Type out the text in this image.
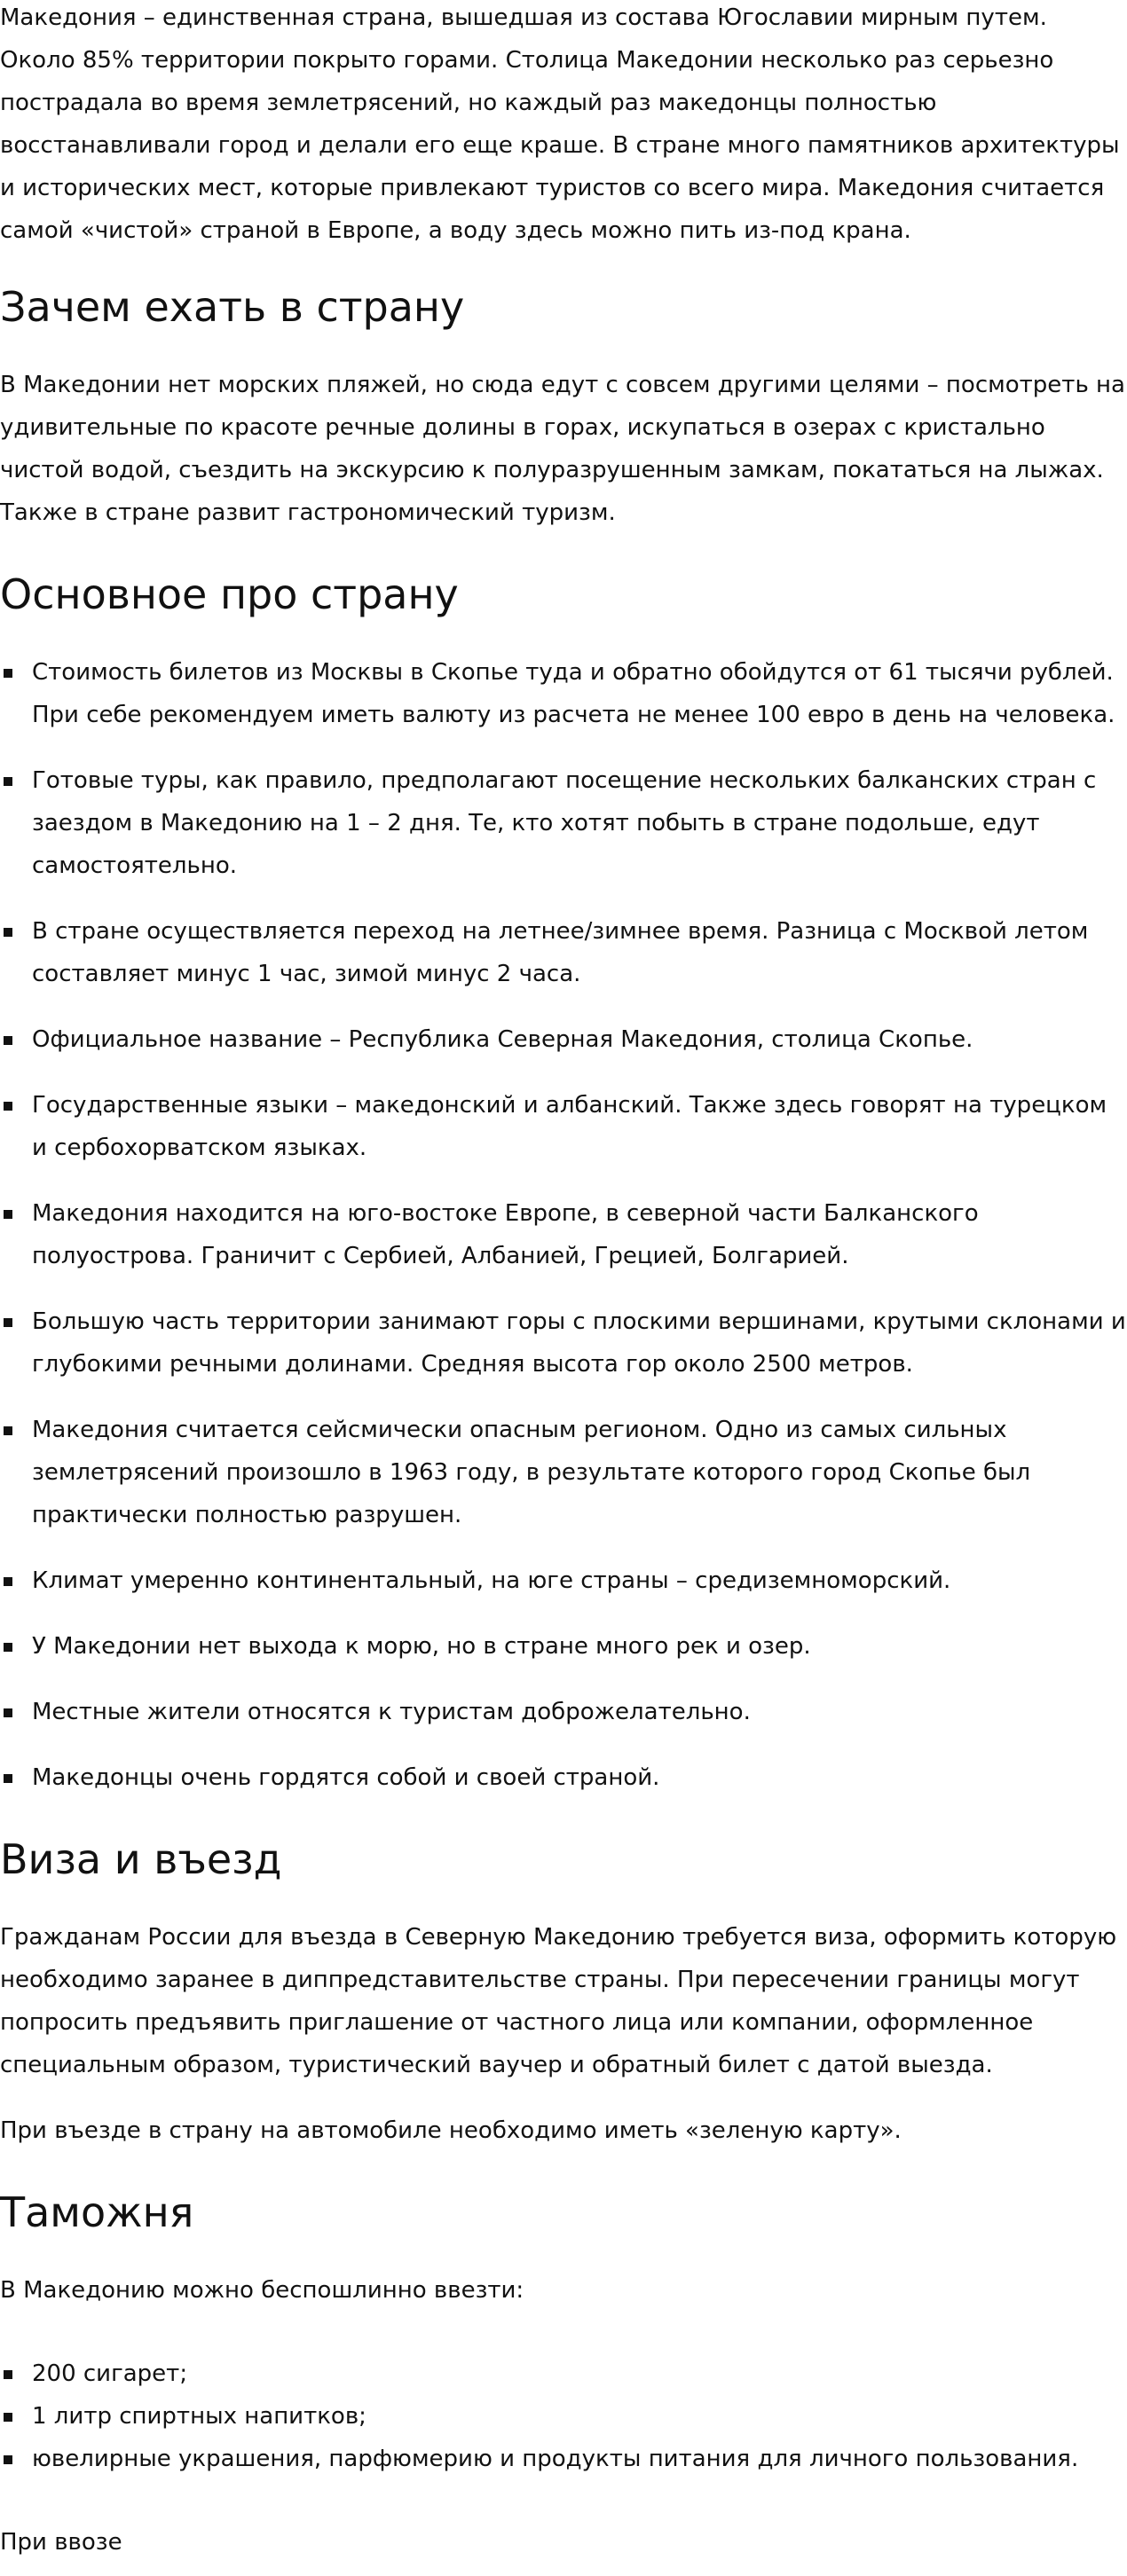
Македония – единственная страна, вышедшая из состава Югославии мирным путем. Около 85% территории покрыто горами. Столица Македонии несколько раз серьезно пострадала во время землетрясений, но каждый раз македонцы полностью восстанавливали город и делали его еще краше. В стране много памятников архитектуры и исторических мест, которые привлекают туристов со всего мира. Македония считается самой «чистой» страной в Европе, а воду здесь можно пить из-под крана.

Зачем ехать в страну

В Македонии нет морских пляжей, но сюда едут с совсем другими целями – посмотреть на удивительные по красоте речные долины в горах, искупаться в озерах с кристально чистой водой, съездить на экскурсию к полуразрушенным замкам, покататься на лыжах. Также в стране развит гастрономический туризм.

Основное про страну
Стоимость билетов из Москвы в Скопье туда и обратно обойдутся от 61 тысячи рублей. При себе рекомендуем иметь валюту из расчета не менее 100 евро в день на человека.
Готовые туры, как правило, предполагают посещение нескольких балканских стран с заездом в Македонию на 1 – 2 дня. Те, кто хотят побыть в стране подольше, едут самостоятельно.
В стране осуществляется переход на летнее/зимнее время. Разница с Москвой летом составляет минус 1 час, зимой минус 2 часа.
Официальное название – Республика Северная Македония, столица Скопье.
Государственные языки – македонский и албанский. Также здесь говорят на турецком и сербохорватском языках.
Македония находится на юго-востоке Европе, в северной части Балканского полуострова. Граничит с Сербией, Албанией, Грецией, Болгарией.
Большую часть территории занимают горы с плоскими вершинами, крутыми склонами и глубокими речными долинами. Средняя высота гор около 2500 метров.
Македония считается сейсмически опасным регионом. Одно из самых сильных землетрясений произошло в 1963 году, в результате которого город Скопье был практически полностью разрушен.
Климат умеренно континентальный, на юге страны – средиземноморский.
У Македонии нет выхода к морю, но в стране много рек и озер.
Местные жители относятся к туристам доброжелательно.
Македонцы очень гордятся собой и своей страной.
Виза и въезд

Гражданам России для въезда в Северную Македонию требуется виза, оформить которую необходимо заранее в диппредставительстве страны. При пересечении границы могут попросить предъявить приглашение от частного лица или компании, оформленное специальным образом, туристический ваучер и обратный билет с датой выезда.

При въезде в страну на автомобиле необходимо иметь «зеленую карту».

Таможня

В Македонию можно беспошлинно ввезти:

200 сигарет;
1 литр спиртных напитков;
ювелирные украшения, парфюмерию и продукты питания для личного пользования.

При ввозе
